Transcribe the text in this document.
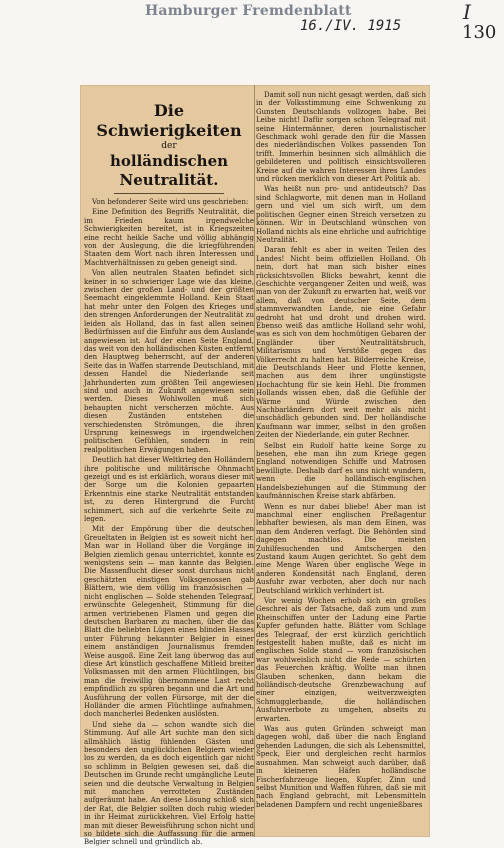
Hamburger Fremdenblatt
16./IV. 1915
I
130
Die Schwierigkeiten
der
holländischen Neutralität.

Von befonderer Seite wird uns geschrieben:

Eine Definition des Begriffs Neutralität, die im Frieden kaum irgendwelche Schwierigkeiten bereitet, ist in Kriegszeiten eine recht heikle Sache und völlig abhängig von der Auslegung, die die kriegführenden Staaten dem Wort nach ihren Interessen und Machtverhältnissen zu geben geneigt sind.

Von allen neutralen Staaten befindet sich keiner in so schwieriger Lage wie das kleine, zwischen der großen Land- und der größten Seemacht eingeklemmte Holland. Kein Staat hat mehr unter den Folgen des Krieges und den strengen Anforderungen der Neutralität zu leiden als Holland, das in fast allen seinen Bedürfnissen auf die Einfuhr aus dem Auslande angewiesen ist. Auf der einen Seite England, das weit von den holländischen Küsten entfernt den Hauptweg beherrscht, auf der anderen Seite das in Waffen starrende Deutschland, mit dessen Handel die Niederlande seit Jahrhunderten zum größten Teil angewiesen sind und auch in Zukunft angewiesen sein werden. Dieses Wohlwollen muß sich behaupten nicht verscherzen möchte. Aus diesen Zuständen entstehen die verschiedensten Strömungen, die ihren Ursprung keineswegs in irgendwelchen politischen Gefühlen, sondern in rein realpolitischen Erwägungen haben.

Deutlich hat dieser Weltkrieg den Holländern ihre politische und militärische Ohnmacht gezeigt und es ist erklärlich, woraus dieser mit der Sorge um die Kolonien gepaarten Erkenntnis eine starke Neutralität entstanden ist, zu deren Hintergrund die Furcht schimmert, sich auf die verkehrte Seite zu legen.

Mit der Empörung über die deutschen Greueltaten in Belgien ist es soweit nicht her. Man war in Holland über die Vorgänge in Belgien ziemlich genau unterrichtet, konnte es wenigstens sein — man kannte das Belgien. Die Massenflucht dieser sonst durchaus nicht geschätzten einstigen Volksgenossen gab Blättern, wie dem völlig im französischen — nicht englischen — Solde stehenden Telegraaf, erwünschte Gelegenheit, Stimmung für die armen vertriebenen Flamen und gegen die deutschen Barbaren zu machen, über die das Blatt die beliebten Lügen eines blinden Hasses unter Führung bekannter Belgier in einer einem anständigen Journalismus fremden Weise ausgoß. Eine Zeit lang überwog das auf diese Art künstlich geschaffene Mitleid breiter Volksmassen mit den armen Flüchtlingen, bis man die freiwillig übernommene Last recht empfindlich zu spüren begann und die Art und Ausführung der vollen Fürsorge, mit der die Holländer die armen Flüchtlinge aufnahmen, doch mancherlei Bedenken auslösten.

Und siehe da — schon wandte sich die Stimmung. Auf alle Art suchte man den sich allmählich lästig fühlenden Gästen und besonders den unglücklichen Belgiern wieder los zu werden, da es doch eigentlich gar nicht so schlimm in Belgien gewesen sei, daß die Deutschen im Grunde recht umgängliche Leute seien und die deutsche Verwaltung in Belgien mit manchen verrotteten Zuständen aufgeräumt habe. An diese Lösung schloß sich der Rat, die Belgier sollten doch ruhig wieder in ihr Heimat zurückkehren. Viel Erfolg hatte man mit dieser Beweisführung schon nicht und so bildete sich die Auffassung für die armen Belgier schnell und gründlich ab.

Damit soll nun nicht gesagt werden, daß sich in der Volksstimmung eine Schwenkung zu Gunsten Deutschlands vollzogen habe. Bei Leibe nicht! Dafür sorgen schon Telegraaf mit seine Hintermänner, deren journalistischer Geschmack wohl gerade den für die Massen des niederländischen Volkes passenden Ton trifft. Immerhin besinnen sich allmählich die gebildeteren und politisch einsichtsvolleren Kreise auf die wahren Interessen ihres Landes und rücken merklich von dieser Art Politik ab.

Was heißt nun pro- und antideutsch? Das sind Schlagworte, mit denen man in Holland gern und viel um sich wirft, um dem politischen Gegner einen Streich versetzen zu können. Wir in Deutschland wünschen von Holland nichts als eine ehrliche und aufrichtige Neutralität.

Daran fehlt es aber in weiten Teilen des Landes! Nicht beim offiziellen Holland. Oh nein, dort hat man sich bisher eines rücksichtsvollen Blicks bewahrt, kennt die Geschichte vergangener Zeiten und weiß, was man von der Zukunft zu erwarten hat, weiß vor allem, daß von deutscher Seite, dem stammverwandten Lande, nie eine Gefahr gedroht hat und droht und drohen wird. Ebenso weiß das amtliche Holland sehr wohl, was es sich von dem hochmütigen Gebaren der Engländer über Neutralitätsbruch, Militarismus und Verstöße gegen das Völkerrecht zu halten hat. Bilderreiche Kreise, die Deutschlands Heer und Flotte kennen, machen aus dem ihrer ungünstigste Hochachtung für sie kein Hehl. Die frommen Hollands wissen eben, daß die Gefühle der Wärme und Würde zwischen den Nachbarländern dort weit mehr als nicht unschädlich gebunden sind. Der holländische Kaufmann war immer, selbst in den großen Zeiten der Niederlande, ein guter Rechner.

Selbst ein Rudolf hatte keine Sorge zu besehen, ehe man ihn zum Kriege gegen England notwendigen Schiffe und Matrosen bewilligte. Deshalb darf es uns nicht wundern, wenn die holländisch-englischen Handelsbeziehungen auf die Stimmung der kaufmännischen Kreise stark abfärben.

Wenn es nur dabei bliebe! Aber man ist manchmal einer englischen Preßagentur lebhafter bewiesen, als man dem Einen, was man dem Anderen verfagt. Die Behörden sind dagegen machtlos. Die meisten Zuhilfesuchenden und Amtschergen den Zustand kaum Augen gerichtet. So geht dem eine Menge Waren über englische Wege in anderen Kondensität nach England, deren Ausfuhr zwar verboten, aber doch nur nach Deutschland wirklich verhindert ist.

Vor wenig Wochen erhob sich ein großes Geschrei als der Tatsache, daß zum und zum Rheinschiffen unter der Ladung eine Partie Kupfer gefunden hatte. Blätter vom Schlage des Telegraaf, der erst kürzlich gerichtlich festgestellt haben mußte, daß es nicht im englischen Solde stand — vom französischen war wohlweislich nicht die Rede — schürten das Feuerchen kräftig. Wollte man ihnen Glauben schenken, dann bekam die holländisch-deutsche Grenzbewachung auf einer einzigen, weitverzweigten Schmugglerbande, die holländischen Ausfuhrverbote zu umgehen, abseits zu erwarten.

Was aus guten Gründen schweigt man dagegen wohl, daß über die nach England gehenden Ladungen, die sich als Lebensmittel, Speck, Eier und dergleichen recht harmlos ausnahmen. Man schweigt auch darüber, daß in kleineren Häfen holländische Fischerfahrzeuge liegen, Kupfer, Zinn und selbst Munition und Waffen führen, daß sie mit nach England gebracht, mit Lebensmitteln beladenen Dampfern und recht ungenießbares
